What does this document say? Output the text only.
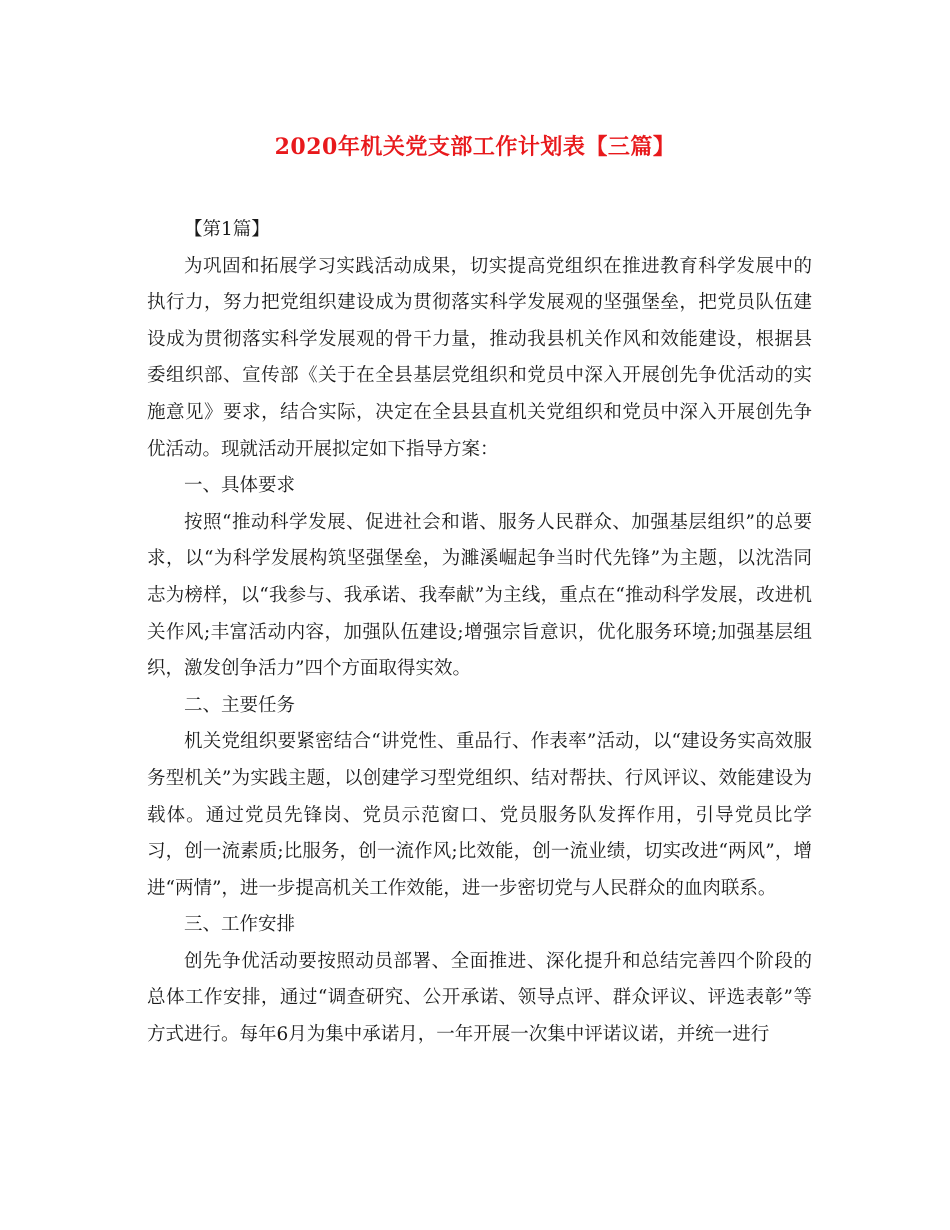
2020年机关党支部工作计划表【三篇】

【第1篇】

为巩固和拓展学习实践活动成果，切实提高党组织在推进教育科学发展中的执行力，努力把党组织建设成为贯彻落实科学发展观的坚强堡垒，把党员队伍建设成为贯彻落实科学发展观的骨干力量，推动我县机关作风和效能建设，根据县委组织部、宣传部《关于在全县基层党组织和党员中深入开展创先争优活动的实施意见》要求，结合实际，决定在全县县直机关党组织和党员中深入开展创先争优活动。现就活动开展拟定如下指导方案：

一、具体要求

按照“推动科学发展、促进社会和谐、服务人民群众、加强基层组织”的总要求，以“为科学发展构筑坚强堡垒，为濉溪崛起争当时代先锋”为主题，以沈浩同志为榜样，以“我参与、我承诺、我奉献”为主线，重点在“推动科学发展，改进机关作风;丰富活动内容，加强队伍建设;增强宗旨意识，优化服务环境;加强基层组织，激发创争活力”四个方面取得实效。

二、主要任务

机关党组织要紧密结合“讲党性、重品行、作表率”活动，以“建设务实高效服务型机关”为实践主题，以创建学习型党组织、结对帮扶、行风评议、效能建设为载体。通过党员先锋岗、党员示范窗口、党员服务队发挥作用，引导党员比学习，创一流素质;比服务，创一流作风;比效能，创一流业绩，切实改进“两风”，增进“两情”，进一步提高机关工作效能，进一步密切党与人民群众的血肉联系。

三、工作安排

创先争优活动要按照动员部署、全面推进、深化提升和总结完善四个阶段的总体工作安排，通过“调查研究、公开承诺、领导点评、群众评议、评选表彰”等方式进行。每年6月为集中承诺月，一年开展一次集中评诺议诺，并统一进行
